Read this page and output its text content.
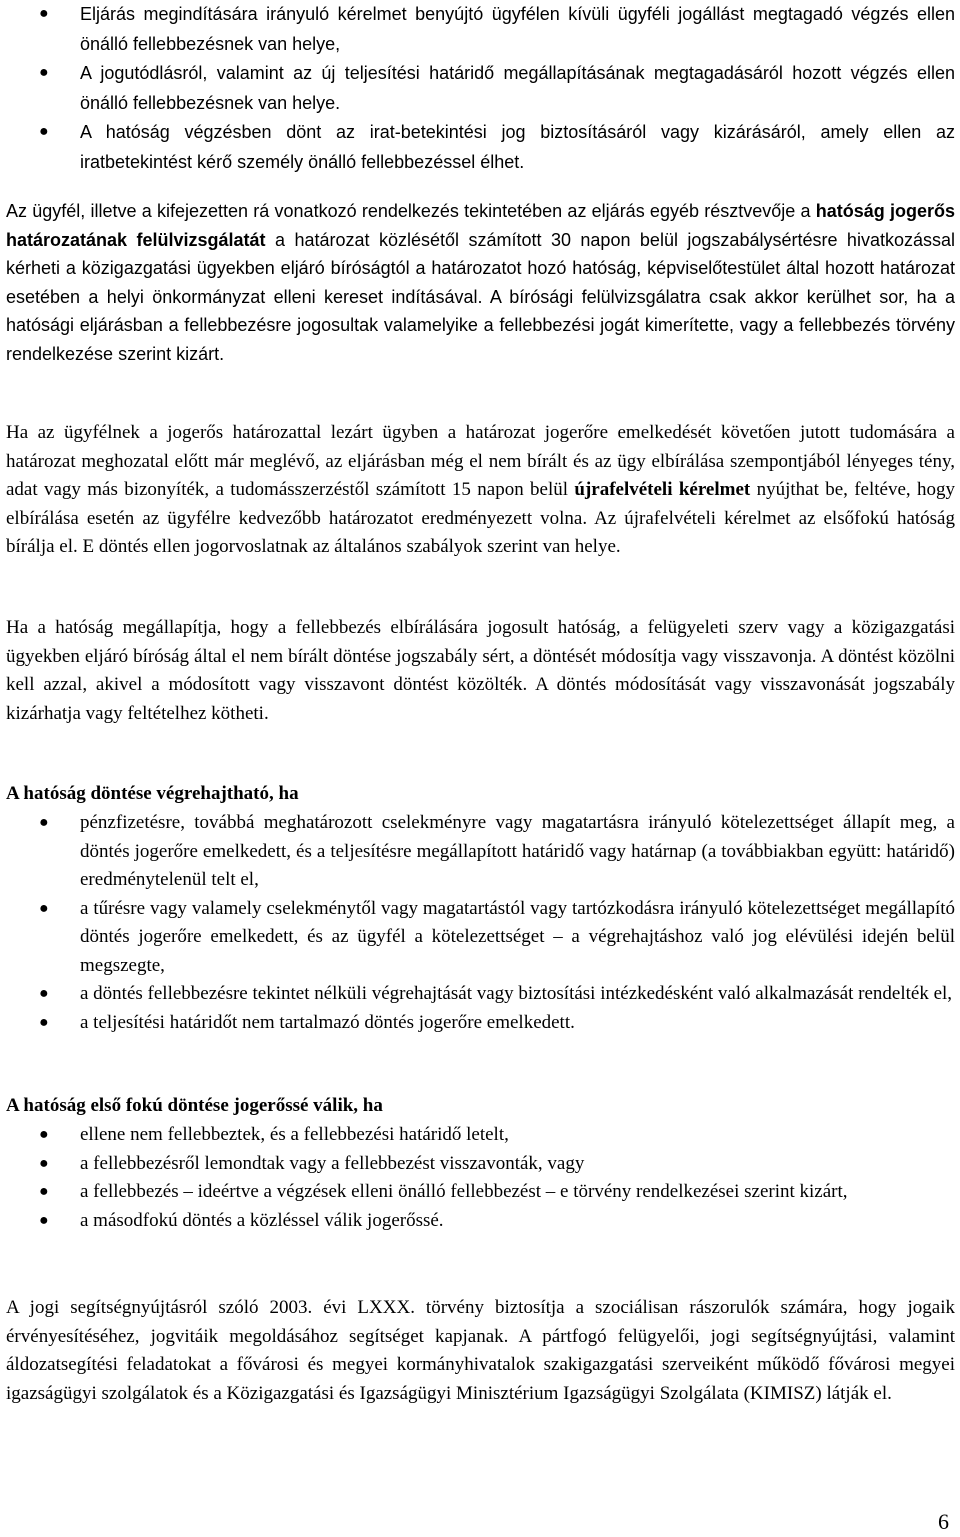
● Eljárás megindítására irányuló kérelmet benyújtó ügyfélen kívüli ügyféli jogállást megtagadó végzés ellen önálló fellebbezésnek van helye,
● A jogutódlásról, valamint az új teljesítési határidő megállapításának megtagadásáról hozott végzés ellen önálló fellebbezésnek van helye.
● A hatóság végzésben dönt az irat-betekintési jog biztosításáról vagy kizárásáról, amely ellen az iratbetekintést kérő személy önálló fellebbezéssel élhet.

Az ügyfél, illetve a kifejezetten rá vonatkozó rendelkezés tekintetében az eljárás egyéb résztvevője a hatóság jogerős határozatának felülvizsgálatát a határozat közlésétől számított 30 napon belül jogszabálysértésre hivatkozással kérheti a közigazgatási ügyekben eljáró bíróságtól a határozatot hozó hatóság, képviselőtestület által hozott határozat esetében a helyi önkormányzat elleni kereset indításával. A bírósági felülvizsgálatra csak akkor kerülhet sor, ha a hatósági eljárásban a fellebbezésre jogosultak valamelyike a fellebbezési jogát kimerítette, vagy a fellebbezés törvény rendelkezése szerint kizárt.

Ha az ügyfélnek a jogerős határozattal lezárt ügyben a határozat jogerőre emelkedését követően jutott tudomására a határozat meghozatal előtt már meglévő, az eljárásban még el nem bírált és az ügy elbírálása szempontjából lényeges tény, adat vagy más bizonyíték, a tudomásszerzéstől számított 15 napon belül újrafelvételi kérelmet nyújthat be, feltéve, hogy elbírálása esetén az ügyfélre kedvezőbb határozatot eredményezett volna. Az újrafelvételi kérelmet az elsőfokú hatóság bírálja el. E döntés ellen jogorvoslatnak az általános szabályok szerint van helye.

Ha a hatóság megállapítja, hogy a fellebbezés elbírálására jogosult hatóság, a felügyeleti szerv vagy a közigazgatási ügyekben eljáró bíróság által el nem bírált döntése jogszabály sért, a döntését módosítja vagy visszavonja. A döntést közölni kell azzal, akivel a módosított vagy visszavont döntést közölték. A döntés módosítását vagy visszavonását jogszabály kizárhatja vagy feltételhez kötheti.

A hatóság döntése végrehajtható, ha

● pénzfizetésre, továbbá meghatározott cselekményre vagy magatartásra irányuló kötelezettséget állapít meg, a döntés jogerőre emelkedett, és a teljesítésre megállapított határidő vagy határnap (a továbbiakban együtt: határidő) eredménytelenül telt el,
● a tűrésre vagy valamely cselekménytől vagy magatartástól vagy tartózkodásra irányuló kötelezettséget megállapító döntés jogerőre emelkedett, és az ügyfél a kötelezettséget – a végrehajtáshoz való jog elévülési idején belül megszegte,
● a döntés fellebbezésre tekintet nélküli végrehajtását vagy biztosítási intézkedésként való alkalmazását rendelték el,
● a teljesítési határidőt nem tartalmazó döntés jogerőre emelkedett.

A hatóság első fokú döntése jogerőssé válik, ha

● ellene nem fellebbeztek, és a fellebbezési határidő letelt,
● a fellebbezésről lemondtak vagy a fellebbezést visszavonták, vagy
● a fellebbezés – ideértve a végzések elleni önálló fellebbezést – e törvény rendelkezései szerint kizárt,
● a másodfokú döntés a közléssel válik jogerőssé.

A jogi segítségnyújtásról szóló 2003. évi LXXX. törvény biztosítja a szociálisan rászorulók számára, hogy jogaik érvényesítéséhez, jogvitáik megoldásához segítséget kapjanak. A pártfogó felügyelői, jogi segítségnyújtási, valamint áldozatsegítési feladatokat a fővárosi és megyei kormányhivatalok szakigazgatási szerveiként működő fővárosi megyei igazságügyi szolgálatok és a Közigazgatási és Igazságügyi Minisztérium Igazságügyi Szolgálata (KIMISZ) látják el.

6
